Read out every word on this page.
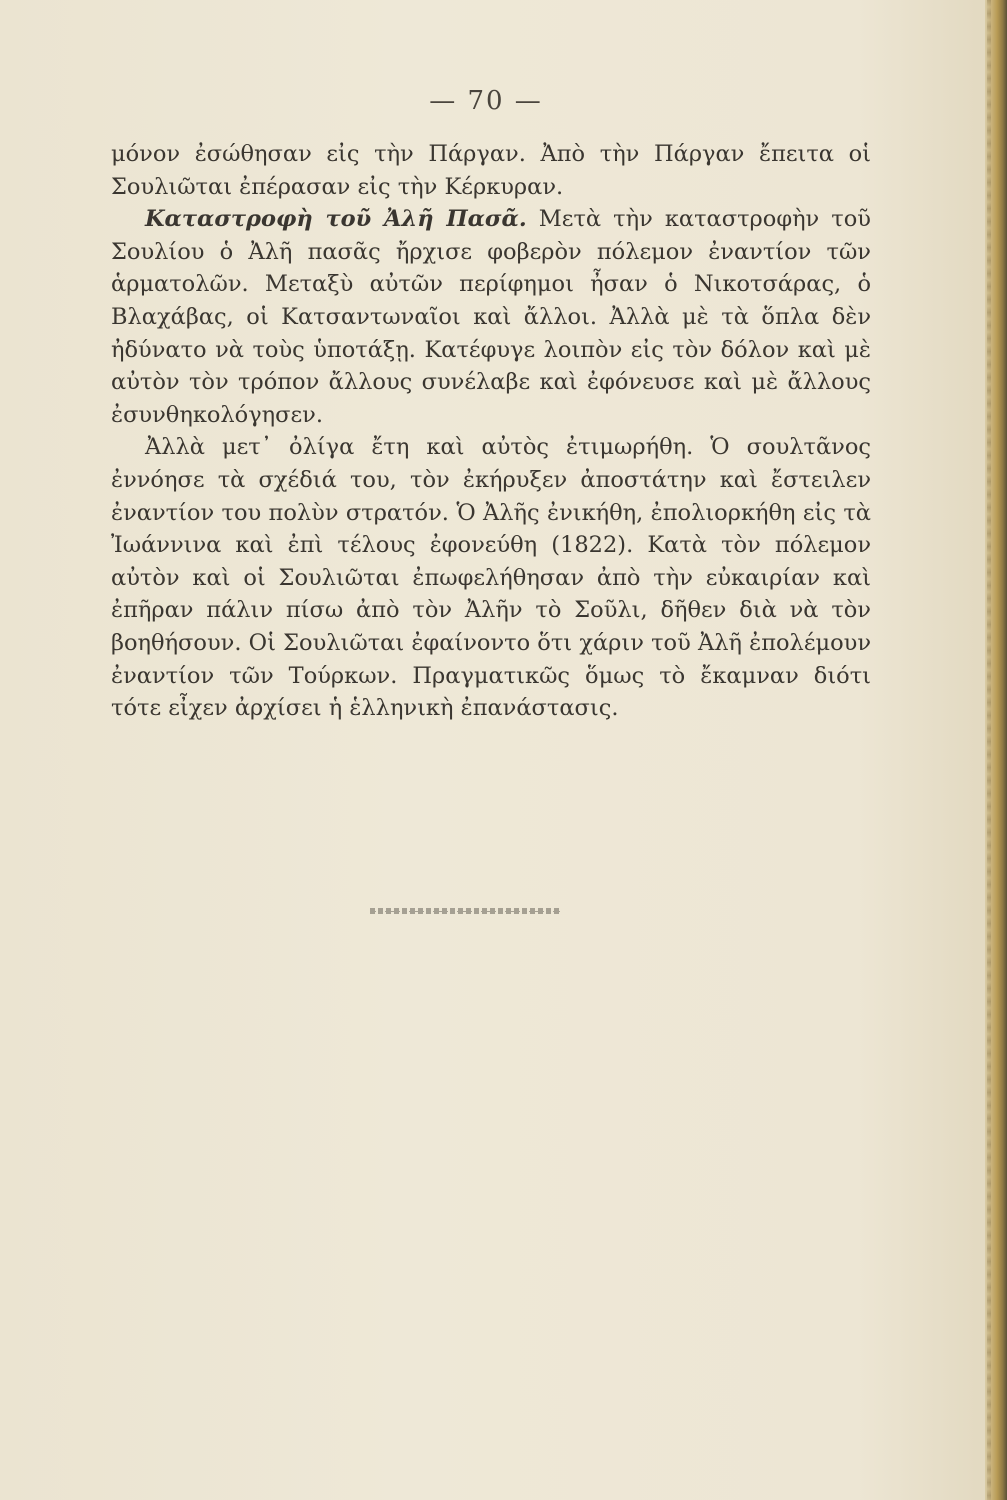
— 70 —

μόνον ἐσώθησαν εἰς τὴν Πάργαν. Ἀπὸ τὴν Πάργαν ἔπειτα οἱ Σουλιῶται ἐπέρασαν εἰς τὴν Κέρκυραν.

Καταστροφὴ τοῦ Ἀλῆ Πασᾶ. Μετὰ τὴν καταστροφὴν τοῦ Σουλίου ὁ Ἀλῆ πασᾶς ἤρχισε φοβερὸν πόλεμον ἐναντίον τῶν ἁρματολῶν. Μεταξὺ αὐτῶν περίφημοι ἦσαν ὁ Νικοτσάρας, ὁ Βλαχάβας, οἱ Κατσαντωναῖοι καὶ ἄλλοι. Ἀλλὰ μὲ τὰ ὅπλα δὲν ἠδύνατο νὰ τοὺς ὑποτάξῃ. Κατέφυγε λοιπὸν εἰς τὸν δόλον καὶ μὲ αὐτὸν τὸν τρόπον ἄλλους συνέλαβε καὶ ἐφόνευσε καὶ μὲ ἄλλους ἐσυνθηκολόγησεν.

Ἀλλὰ μετ᾿ ὀλίγα ἔτη καὶ αὐτὸς ἐτιμωρήθη. Ὁ σουλτᾶνος ἐννόησε τὰ σχέδιά του, τὸν ἐκήρυξεν ἀποστάτην καὶ ἔστειλεν ἐναντίον του πολὺν στρατόν. Ὁ Ἀλῆς ἐνικήθη, ἐπολιορκήθη εἰς τὰ Ἰωάννινα καὶ ἐπὶ τέλους ἐφονεύθη (1822). Κατὰ τὸν πόλεμον αὐτὸν καὶ οἱ Σουλιῶται ἐπωφελήθησαν ἀπὸ τὴν εὐκαιρίαν καὶ ἐπῆραν πάλιν πίσω ἀπὸ τὸν Ἀλῆν τὸ Σοῦλι, δῆθεν διὰ νὰ τὸν βοηθήσουν. Οἱ Σουλιῶται ἐφαίνοντο ὅτι χάριν τοῦ Ἀλῆ ἐπολέμουν ἐναντίον τῶν Τούρκων. Πραγματικῶς ὅμως τὸ ἔκαμναν διότι τότε εἶχεν ἀρχίσει ἡ ἑλληνικὴ ἐπανάστασις.
